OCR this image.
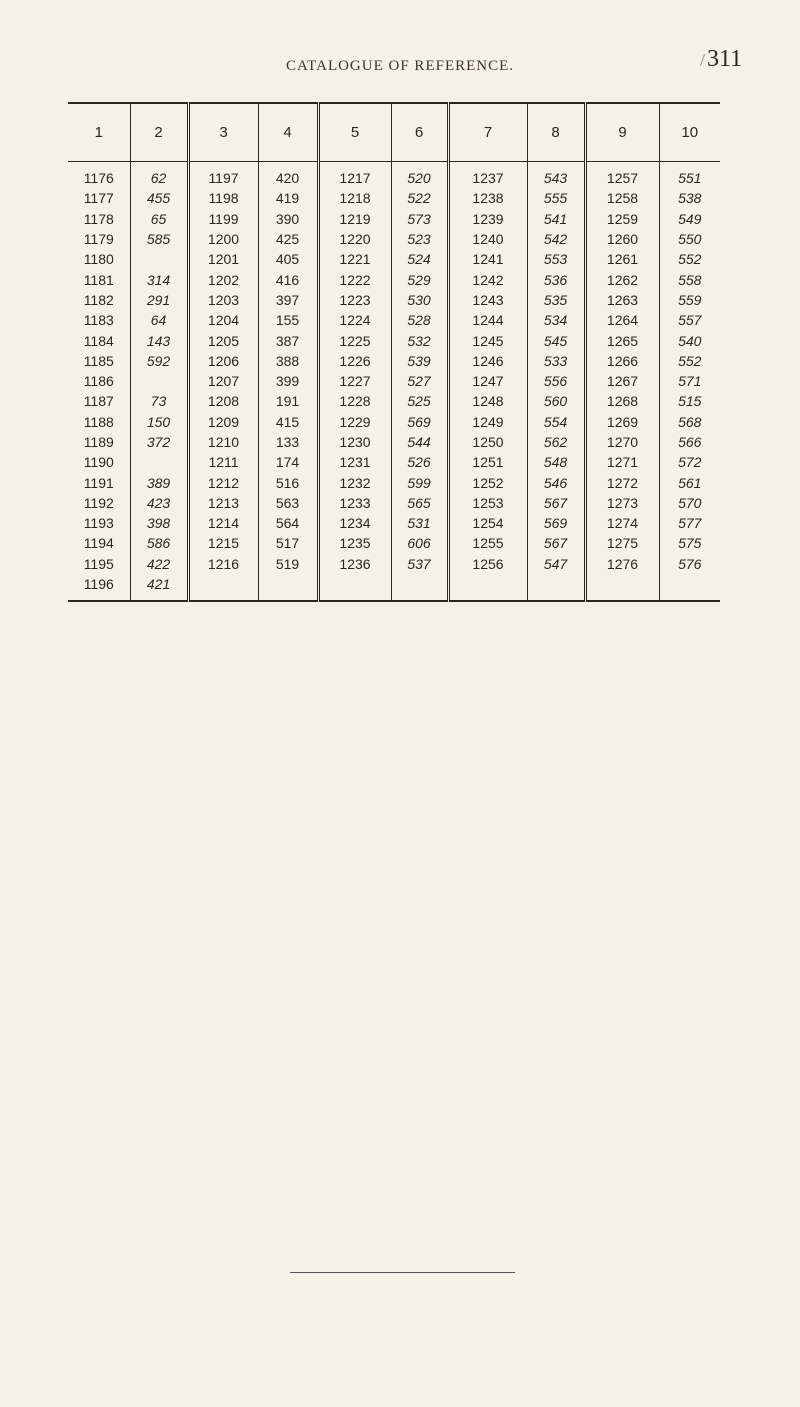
CATALOGUE OF REFERENCE.	/311
1	2	3	4	5	6	7	8	9	10
1176	62	1197	420	1217	520	1237	543	1257	551
1177	455	1198	419	1218	522	1238	555	1258	538
1178	65	1199	390	1219	573	1239	541	1259	549
1179	585	1200	425	1220	523	1240	542	1260	550
1180		1201	405	1221	524	1241	553	1261	552
1181	314	1202	416	1222	529	1242	536	1262	558
1182	291	1203	397	1223	530	1243	535	1263	559
1183	64	1204	155	1224	528	1244	534	1264	557
1184	143	1205	387	1225	532	1245	545	1265	540
1185	592	1206	388	1226	539	1246	533	1266	552
1186		1207	399	1227	527	1247	556	1267	571
1187	73	1208	191	1228	525	1248	560	1268	515
1188	150	1209	415	1229	569	1249	554	1269	568
1189	372	1210	133	1230	544	1250	562	1270	566
1190		1211	174	1231	526	1251	548	1271	572
1191	389	1212	516	1232	599	1252	546	1272	561
1192	423	1213	563	1233	565	1253	567	1273	570
1193	398	1214	564	1234	531	1254	569	1274	577
1194	586	1215	517	1235	606	1255	567	1275	575
1195	422	1216	519	1236	537	1256	547	1276	576
1196	421								
